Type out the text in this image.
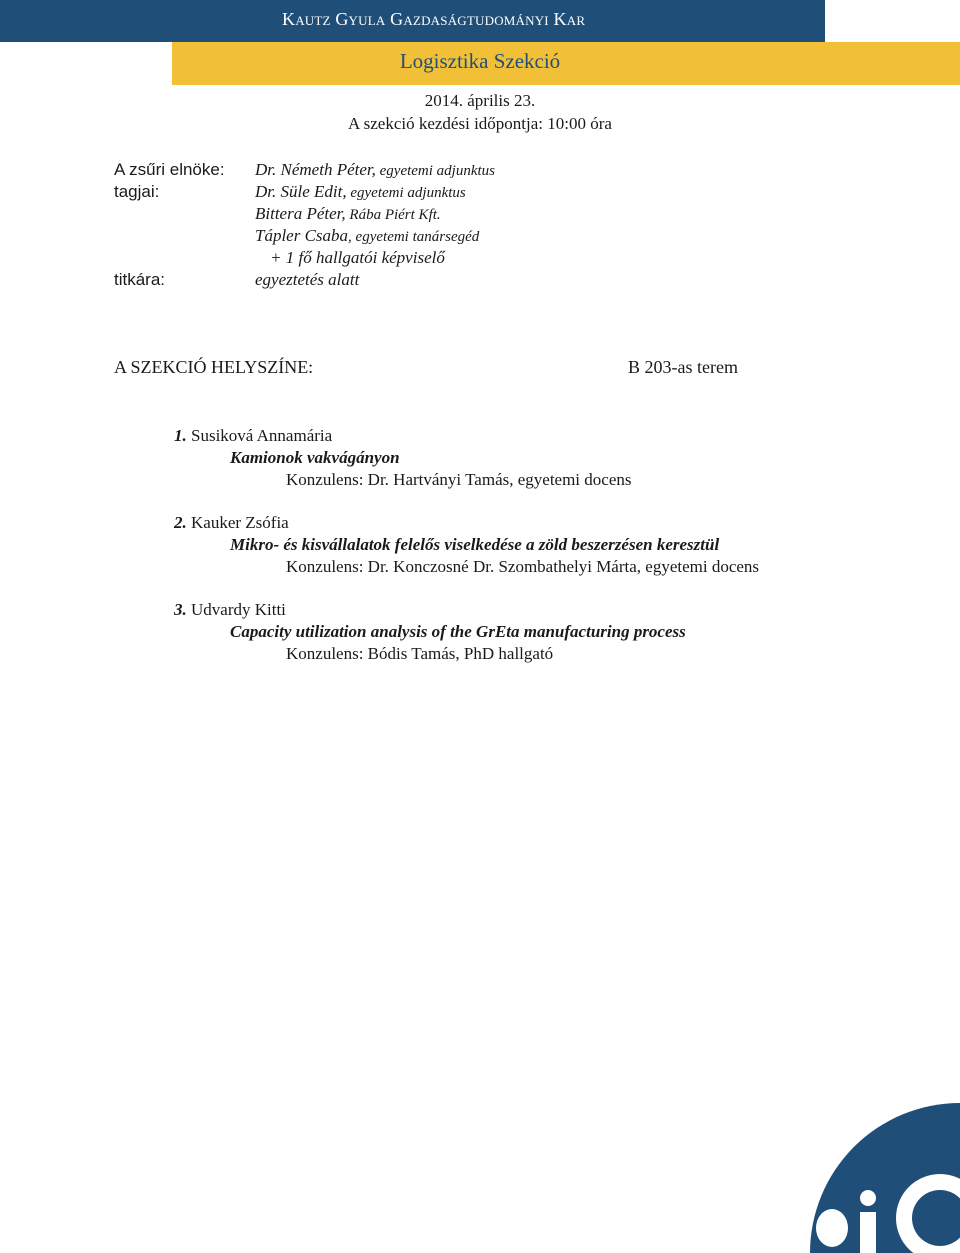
Kautz Gyula Gazdaságtudományi Kar
Logisztika Szekció
2014. április 23.
A szekció kezdési időpontja: 10:00 óra
A zsűri elnöke: Dr. Németh Péter, egyetemi adjunktus
tagjai:	Dr. Süle Edit, egyetemi adjunktus
Bittera Péter, Rába Piért Kft.
Tápler Csaba, egyetemi tanársegéd
+ 1 fő hallgatói képviselő
titkára:	egyeztetés alatt
A SZEKCIÓ HELYSZÍNE:	B 203-as terem
1. Susiková Annamária
Kamionok vakvágányon
Konzulens: Dr. Hartványi Tamás, egyetemi docens
2. Kauker Zsófia
Mikro- és kisvállalatok felelős viselkedése a zöld beszerzésen keresztül
Konzulens: Dr. Konczosné Dr. Szombathelyi Márta, egyetemi docens
3. Udvardy Kitti
Capacity utilization analysis of the GrEta manufacturing process
Konzulens: Bódis Tamás, PhD hallgató
